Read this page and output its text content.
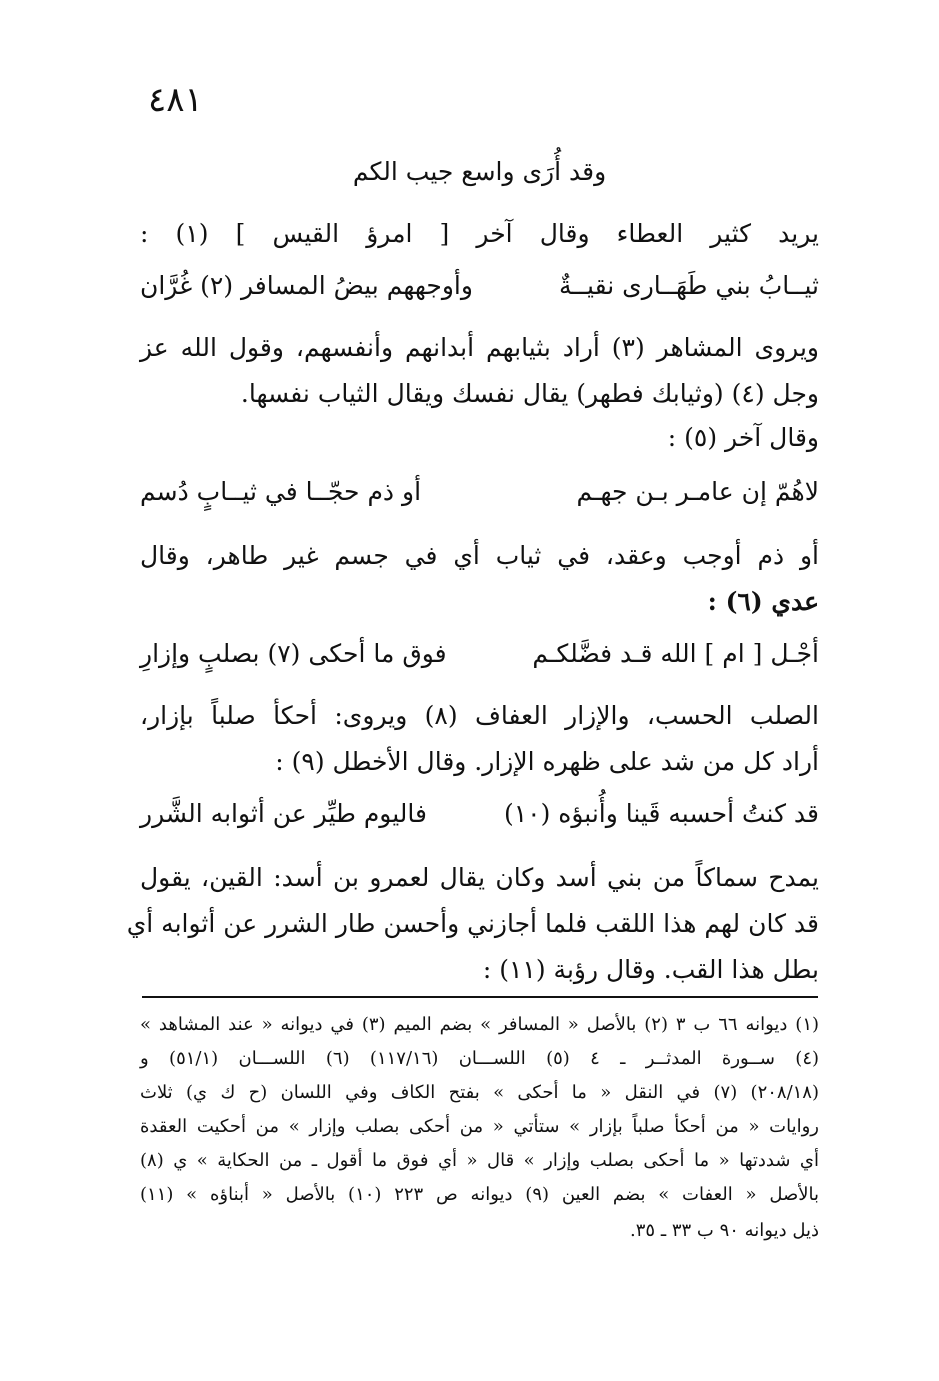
٤٨١
وقد أُرَى واسع جيب الكم
يريد كثير العطاء وقال آخر [ امرؤ القيس ] (١) :
ثيــابُ بني طَهَــارى نقيــةٌ
وأوجههم بيضُ المسافر (٢) غُرَّان
ويروى المشاهر (٣) أراد بثيابهم أبدانهم وأنفسهم، وقول الله عز
وجل (٤) (وثيابك فطهر) يقال نفسك ويقال الثياب نفسها.
وقال آخر (٥) :
لاهُمّ إن عامـر بـن جهـم
أو ذم حجّــا في ثيــابٍ دُسم
أو ذم أوجب وعقد، في ثياب أي في جسم غير طاهر، وقال
عدي (٦) :
أجْـل [ ام ] الله قـد فضَّلكـم
فوق ما أحكى (٧) بصلبٍ وإزارِ
الصلب الحسب، والإزار العفاف (٨) ويروى: أحكأ صلباً بإزار،
أراد كل من شد على ظهره الإزار. وقال الأخطل (٩) :
قد كنتُ أحسبه قَينا وأُنبؤه (١٠)
فاليوم طيِّر عن أثوابه الشَّرر
يمدح سماكاً من بني أسد وكان يقال لعمرو بن أسد: القين، يقول
قد كان لهم هذا اللقب فلما أجازني وأحسن طار الشرر عن أثوابه أي
بطل هذا القب. وقال رؤبة (١١) :
(١) ديوانه ٦٦ ب ٣ (٢) بالأصل « المسافر » بضم الميم (٣) في ديوانه « عند المشاهد »
(٤) ســورة المدثــر ـ ٤ (٥) اللســـان (١١٧/١٦) (٦) اللســـان (٥١/١) و
(٢٠٨/١٨) (٧) في النقل « ما أحكى » بفتح الكاف وفي اللسان (ح ك ي) ثلاث
روايات « من أحكأ صلباً بإزار » ستأتي « من أحكى بصلب وإزار » من أحكيت العقدة
أي شددتها « ما أحكى بصلب وإزار » قال « أي فوق ما أقول ـ من الحكاية » ي (٨)
بالأصل « العفات » بضم العين (٩) ديوانه ص ٢٢٣ (١٠) بالأصل « أبناؤه » (١١)
ذيل ديوانه ٩٠ ب ٣٣ ـ ٣٥.
